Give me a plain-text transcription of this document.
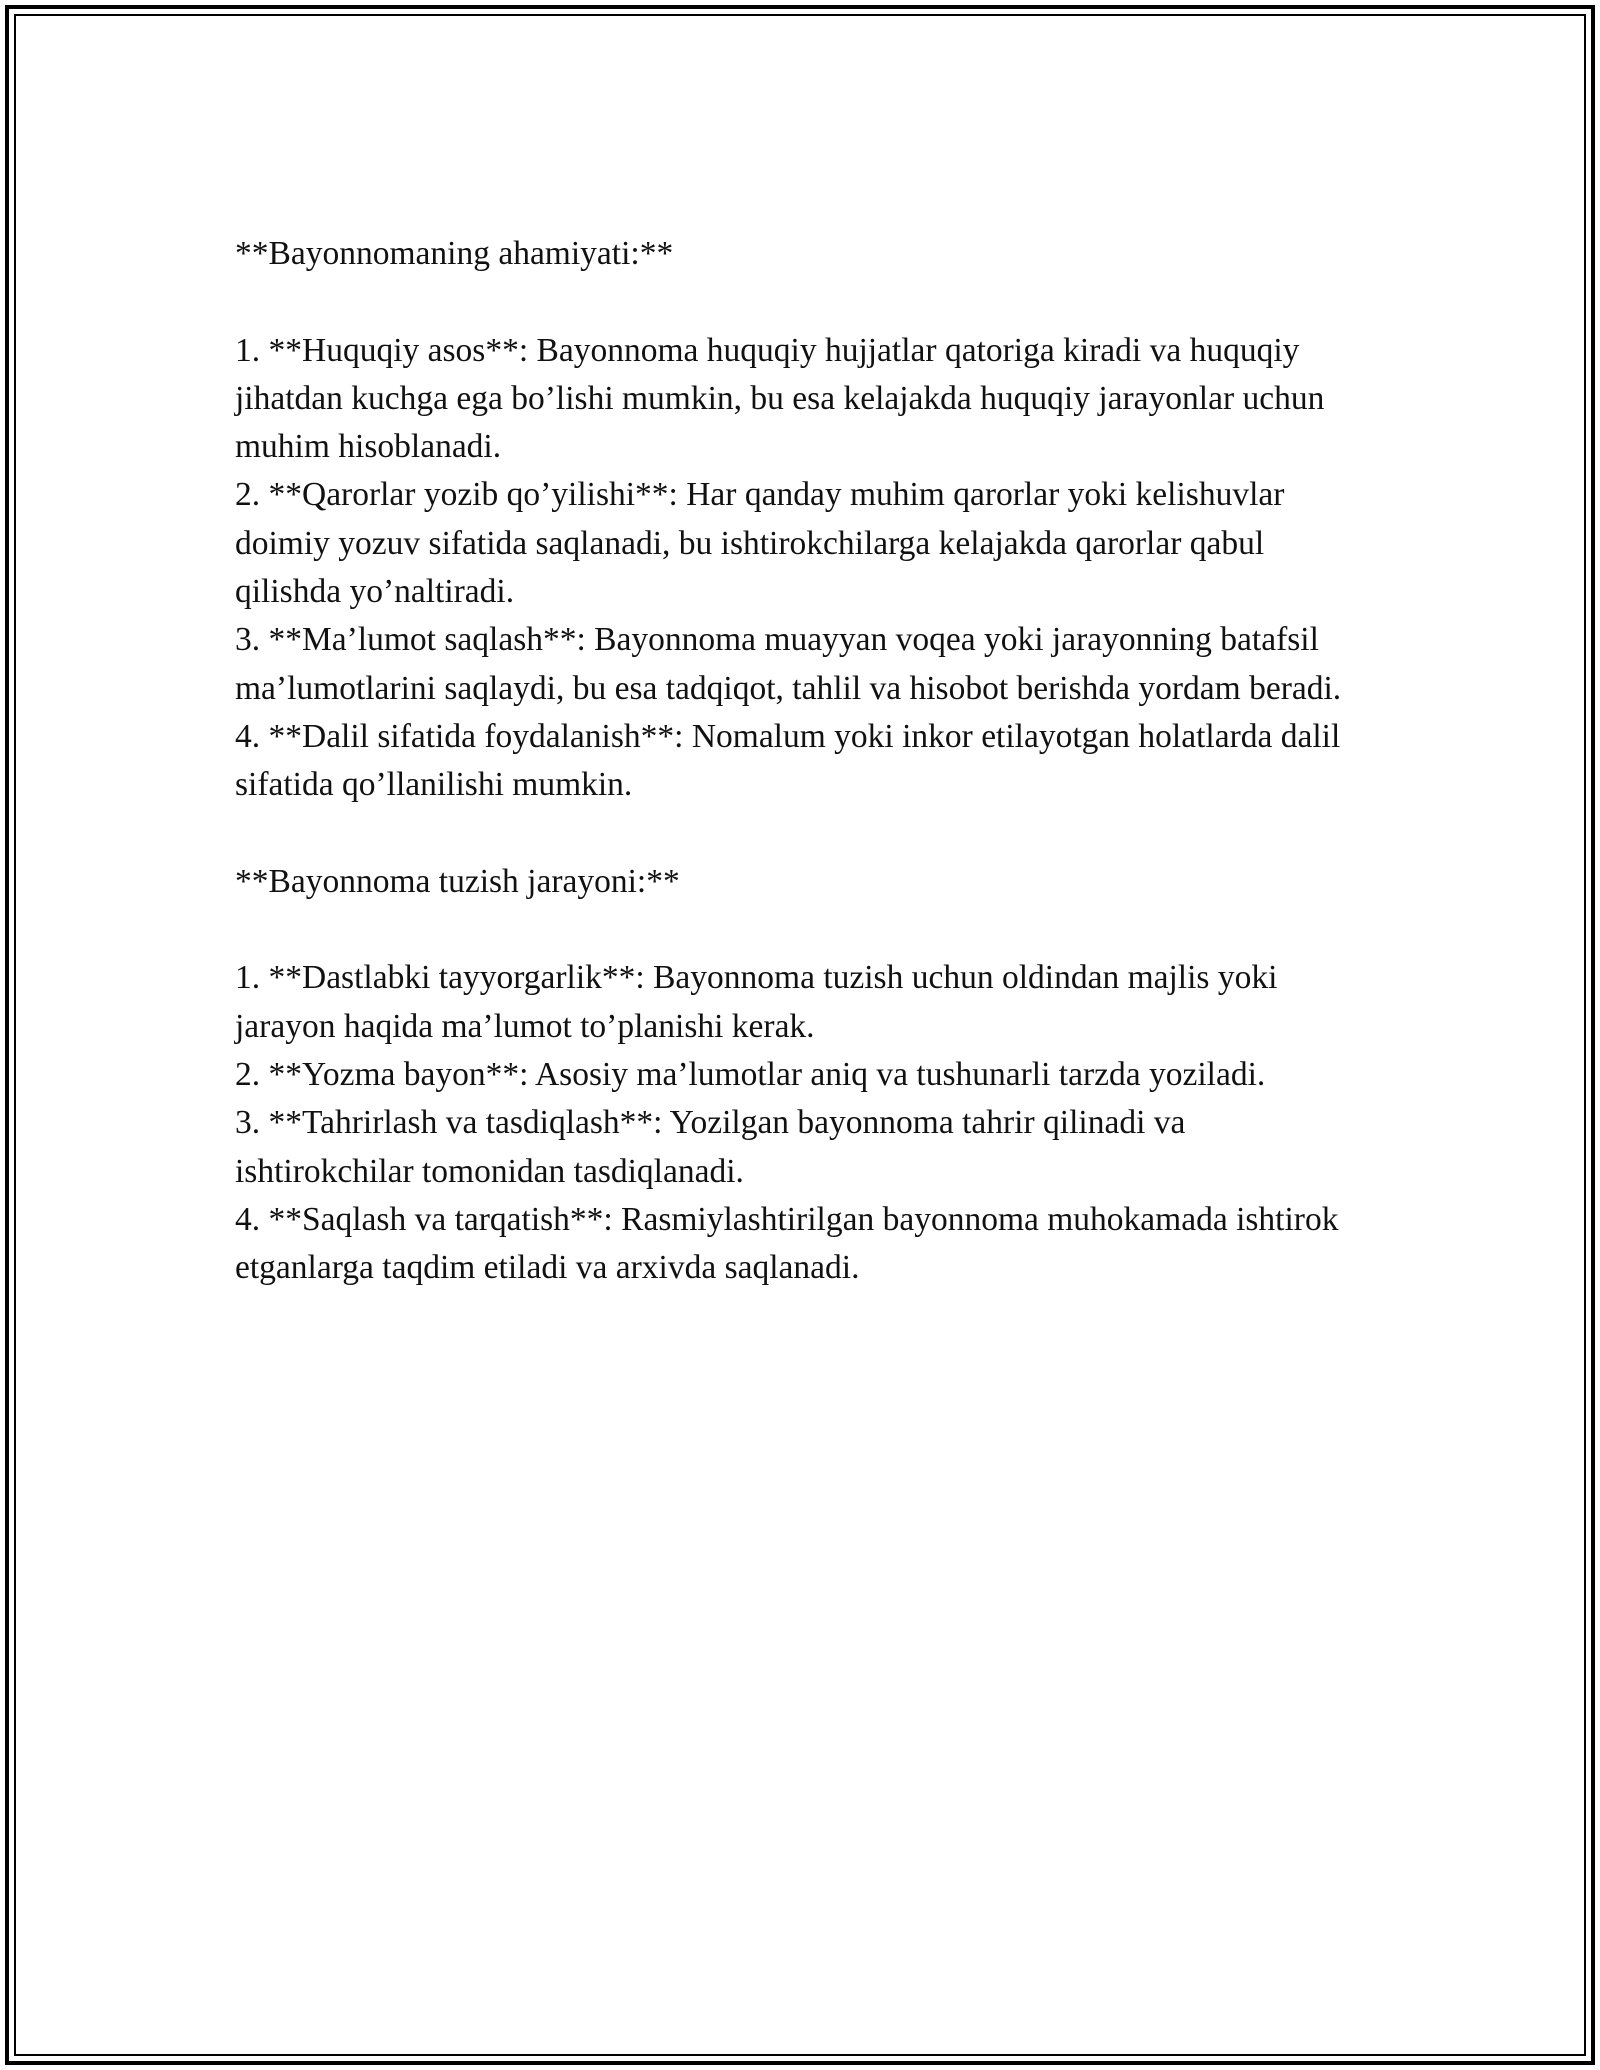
**Bayonnomaning ahamiyati:**

1. **Huquqiy asos**: Bayonnoma huquqiy hujjatlar qatoriga kiradi va huquqiy jihatdan kuchga ega bo’lishi mumkin, bu esa kelajakda huquqiy jarayonlar uchun muhim hisoblanadi.

2. **Qarorlar yozib qo’yilishi**: Har qanday muhim qarorlar yoki kelishuvlar doimiy yozuv sifatida saqlanadi, bu ishtirokchilarga kelajakda qarorlar qabul qilishda yo’naltiradi.

3. **Ma’lumot saqlash**: Bayonnoma muayyan voqea yoki jarayonning batafsil ma’lumotlarini saqlaydi, bu esa tadqiqot, tahlil va hisobot berishda yordam beradi.

4. **Dalil sifatida foydalanish**: Nomalum yoki inkor etilayotgan holatlarda dalil sifatida qo’llanilishi mumkin.

**Bayonnoma tuzish jarayoni:**

1. **Dastlabki tayyorgarlik**: Bayonnoma tuzish uchun oldindan majlis yoki jarayon haqida ma’lumot to’planishi kerak.

2. **Yozma bayon**: Asosiy ma’lumotlar aniq va tushunarli tarzda yoziladi.

3. **Tahrirlash va tasdiqlash**: Yozilgan bayonnoma tahrir qilinadi va ishtirokchilar tomonidan tasdiqlanadi.

4. **Saqlash va tarqatish**: Rasmiylashtirilgan bayonnoma muhokamada ishtirok etganlarga taqdim etiladi va arxivda saqlanadi.
